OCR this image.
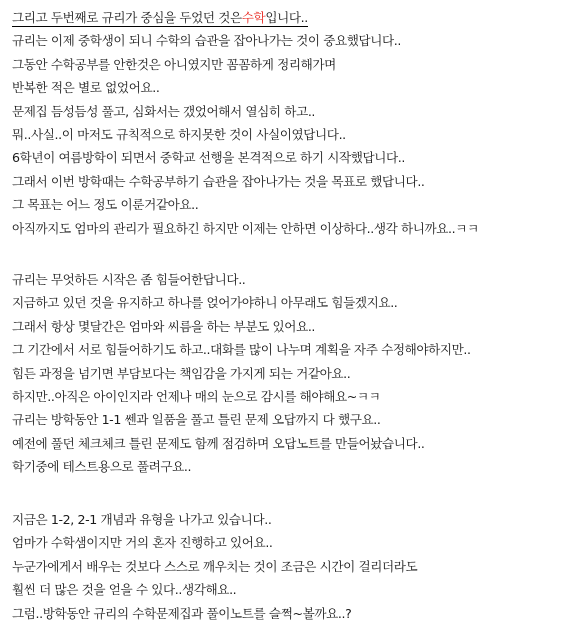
그리고 두번째로 규리가 중심을 두었던 것은수학입니다..
규리는 이제 중학생이 되니 수학의 습관을 잡아나가는 것이 중요했답니다..
그동안 수학공부를 안한것은 아니였지만 꼼꼼하게 정리해가며
반복한 적은 별로 없었어요..
문제집 듬성듬성 풀고, 심화서는 갰었어해서 열심히 하고..
뭐..사실..이 마저도 규칙적으로 하지못한 것이 사실이였답니다..
6학년이 여름방학이 되면서 중학교 선행을 본격적으로 하기 시작했답니다..
그래서 이번 방학때는 수학공부하기 습관을 잡아나가는 것을 목표로 했답니다..
그 목표는 어느 정도 이룬거같아요..
아직까지도 엄마의 관리가 필요하긴 하지만 이제는 안하면 이상하다..생각 하니까요..ㅋㅋ
규리는 무엇하든 시작은 좀 힘들어한답니다..
지금하고 있던 것을 유지하고 하나를 얹어가야하니 아무래도 힘들겠지요..
그래서 항상 몇달간은 엄마와 씨름을 하는 부분도 있어요..
그 기간에서 서로 힘들어하기도 하고..대화를 많이 나누며 계획을 자주 수정해야하지만..
힘든 과정을 넘기면 부담보다는 책임감을 가지게 되는 거같아요..
하지만..아직은 아이인지라 언제나 매의 눈으로 감시를 해야해요~ㅋㅋ
규리는 방학동안 1-1 쎈과 일품을 풀고 틀린 문제 오답까지 다 했구요..
예전에 풀던 체크체크 틀린 문제도 함께 점검하며 오답노트를 만들어놨습니다..
학기중에 테스트용으로 풀려구요..
지금은 1-2, 2-1 개념과 유형을 나가고 있습니다..
엄마가 수학샘이지만 거의 혼자 진행하고 있어요..
누군가에게서 배우는 것보다 스스로 깨우치는 것이 조금은 시간이 걸리더라도
훨씬 더 많은 것을 얻을 수 있다..생각해요..
그럼..방학동안 규리의 수학문제집과 풀이노트를 슬쩍~볼까요..?
